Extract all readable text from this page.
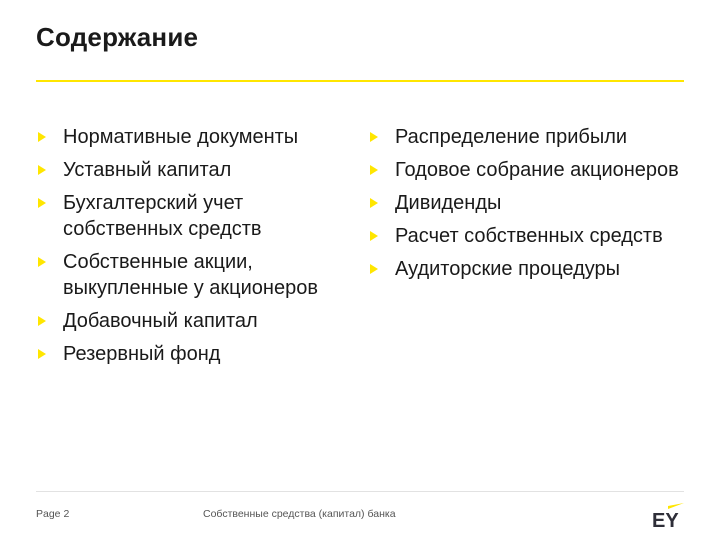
Содержание
Нормативные документы
Уставный капитал
Бухгалтерский учет собственных средств
Собственные акции, выкупленные у акционеров
Добавочный капитал
Резервный фонд
Распределение прибыли
Годовое собрание акционеров
Дивиденды
Расчет собственных средств
Аудиторские процедуры
Page 2	Собственные средства (капитал) банка	EY
